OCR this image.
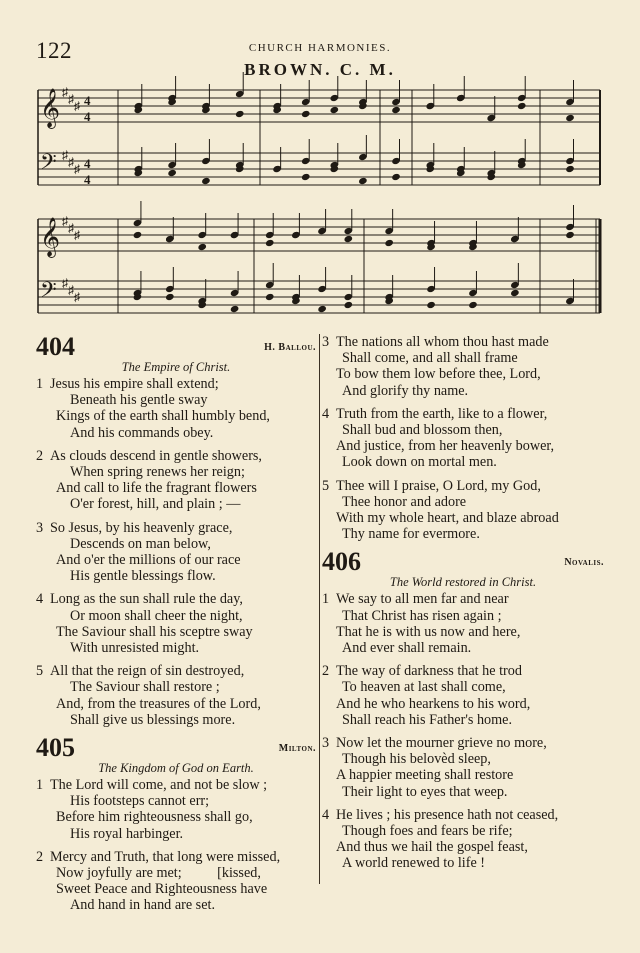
122	CHURCH HARMONIES.
BROWN. C. M.
𝄞 ♯ ♯ ♯ 4
4
𝄢 ♯ ♯ ♯ 4
4
𝄞 ♯ ♯ ♯
𝄢 ♯ ♯ ♯
404	H. Ballou.
The Empire of Christ.
1 Jesus his empire shall extend;
Beneath his gentle sway
Kings of the earth shall humbly bend,
And his commands obey.
2 As clouds descend in gentle showers,
When spring renews her reign;
And call to life the fragrant flowers
O'er forest, hill, and plain ; —
3 So Jesus, by his heavenly grace,
Descends on man below,
And o'er the millions of our race
His gentle blessings flow.
4 Long as the sun shall rule the day,
Or moon shall cheer the night,
The Saviour shall his sceptre sway
With unresisted might.
5 All that the reign of sin destroyed,
The Saviour shall restore ;
And, from the treasures of the Lord,
Shall give us blessings more.
405	Milton.
The Kingdom of God on Earth.
1 The Lord will come, and not be slow ;
His footsteps cannot err;
Before him righteousness shall go,
His royal harbinger.
2 Mercy and Truth, that long were missed,
Now joyfully are met;          [kissed,
Sweet Peace and Righteousness have
And hand in hand are set.
3 The nations all whom thou hast made
Shall come, and all shall frame
To bow them low before thee, Lord,
And glorify thy name.
4 Truth from the earth, like to a flower,
Shall bud and blossom then,
And justice, from her heavenly bower,
Look down on mortal men.
5 Thee will I praise, O Lord, my God,
Thee honor and adore
With my whole heart, and blaze abroad
Thy name for evermore.
406	Novalis.
The World restored in Christ.
1 We say to all men far and near
That Christ has risen again ;
That he is with us now and here,
And ever shall remain.
2 The way of darkness that he trod
To heaven at last shall come,
And he who hearkens to his word,
Shall reach his Father's home.
3 Now let the mourner grieve no more,
Though his belovèd sleep,
A happier meeting shall restore
Their light to eyes that weep.
4 He lives ; his presence hath not ceased,
Though foes and fears be rife;
And thus we hail the gospel feast,
A world renewed to life !
